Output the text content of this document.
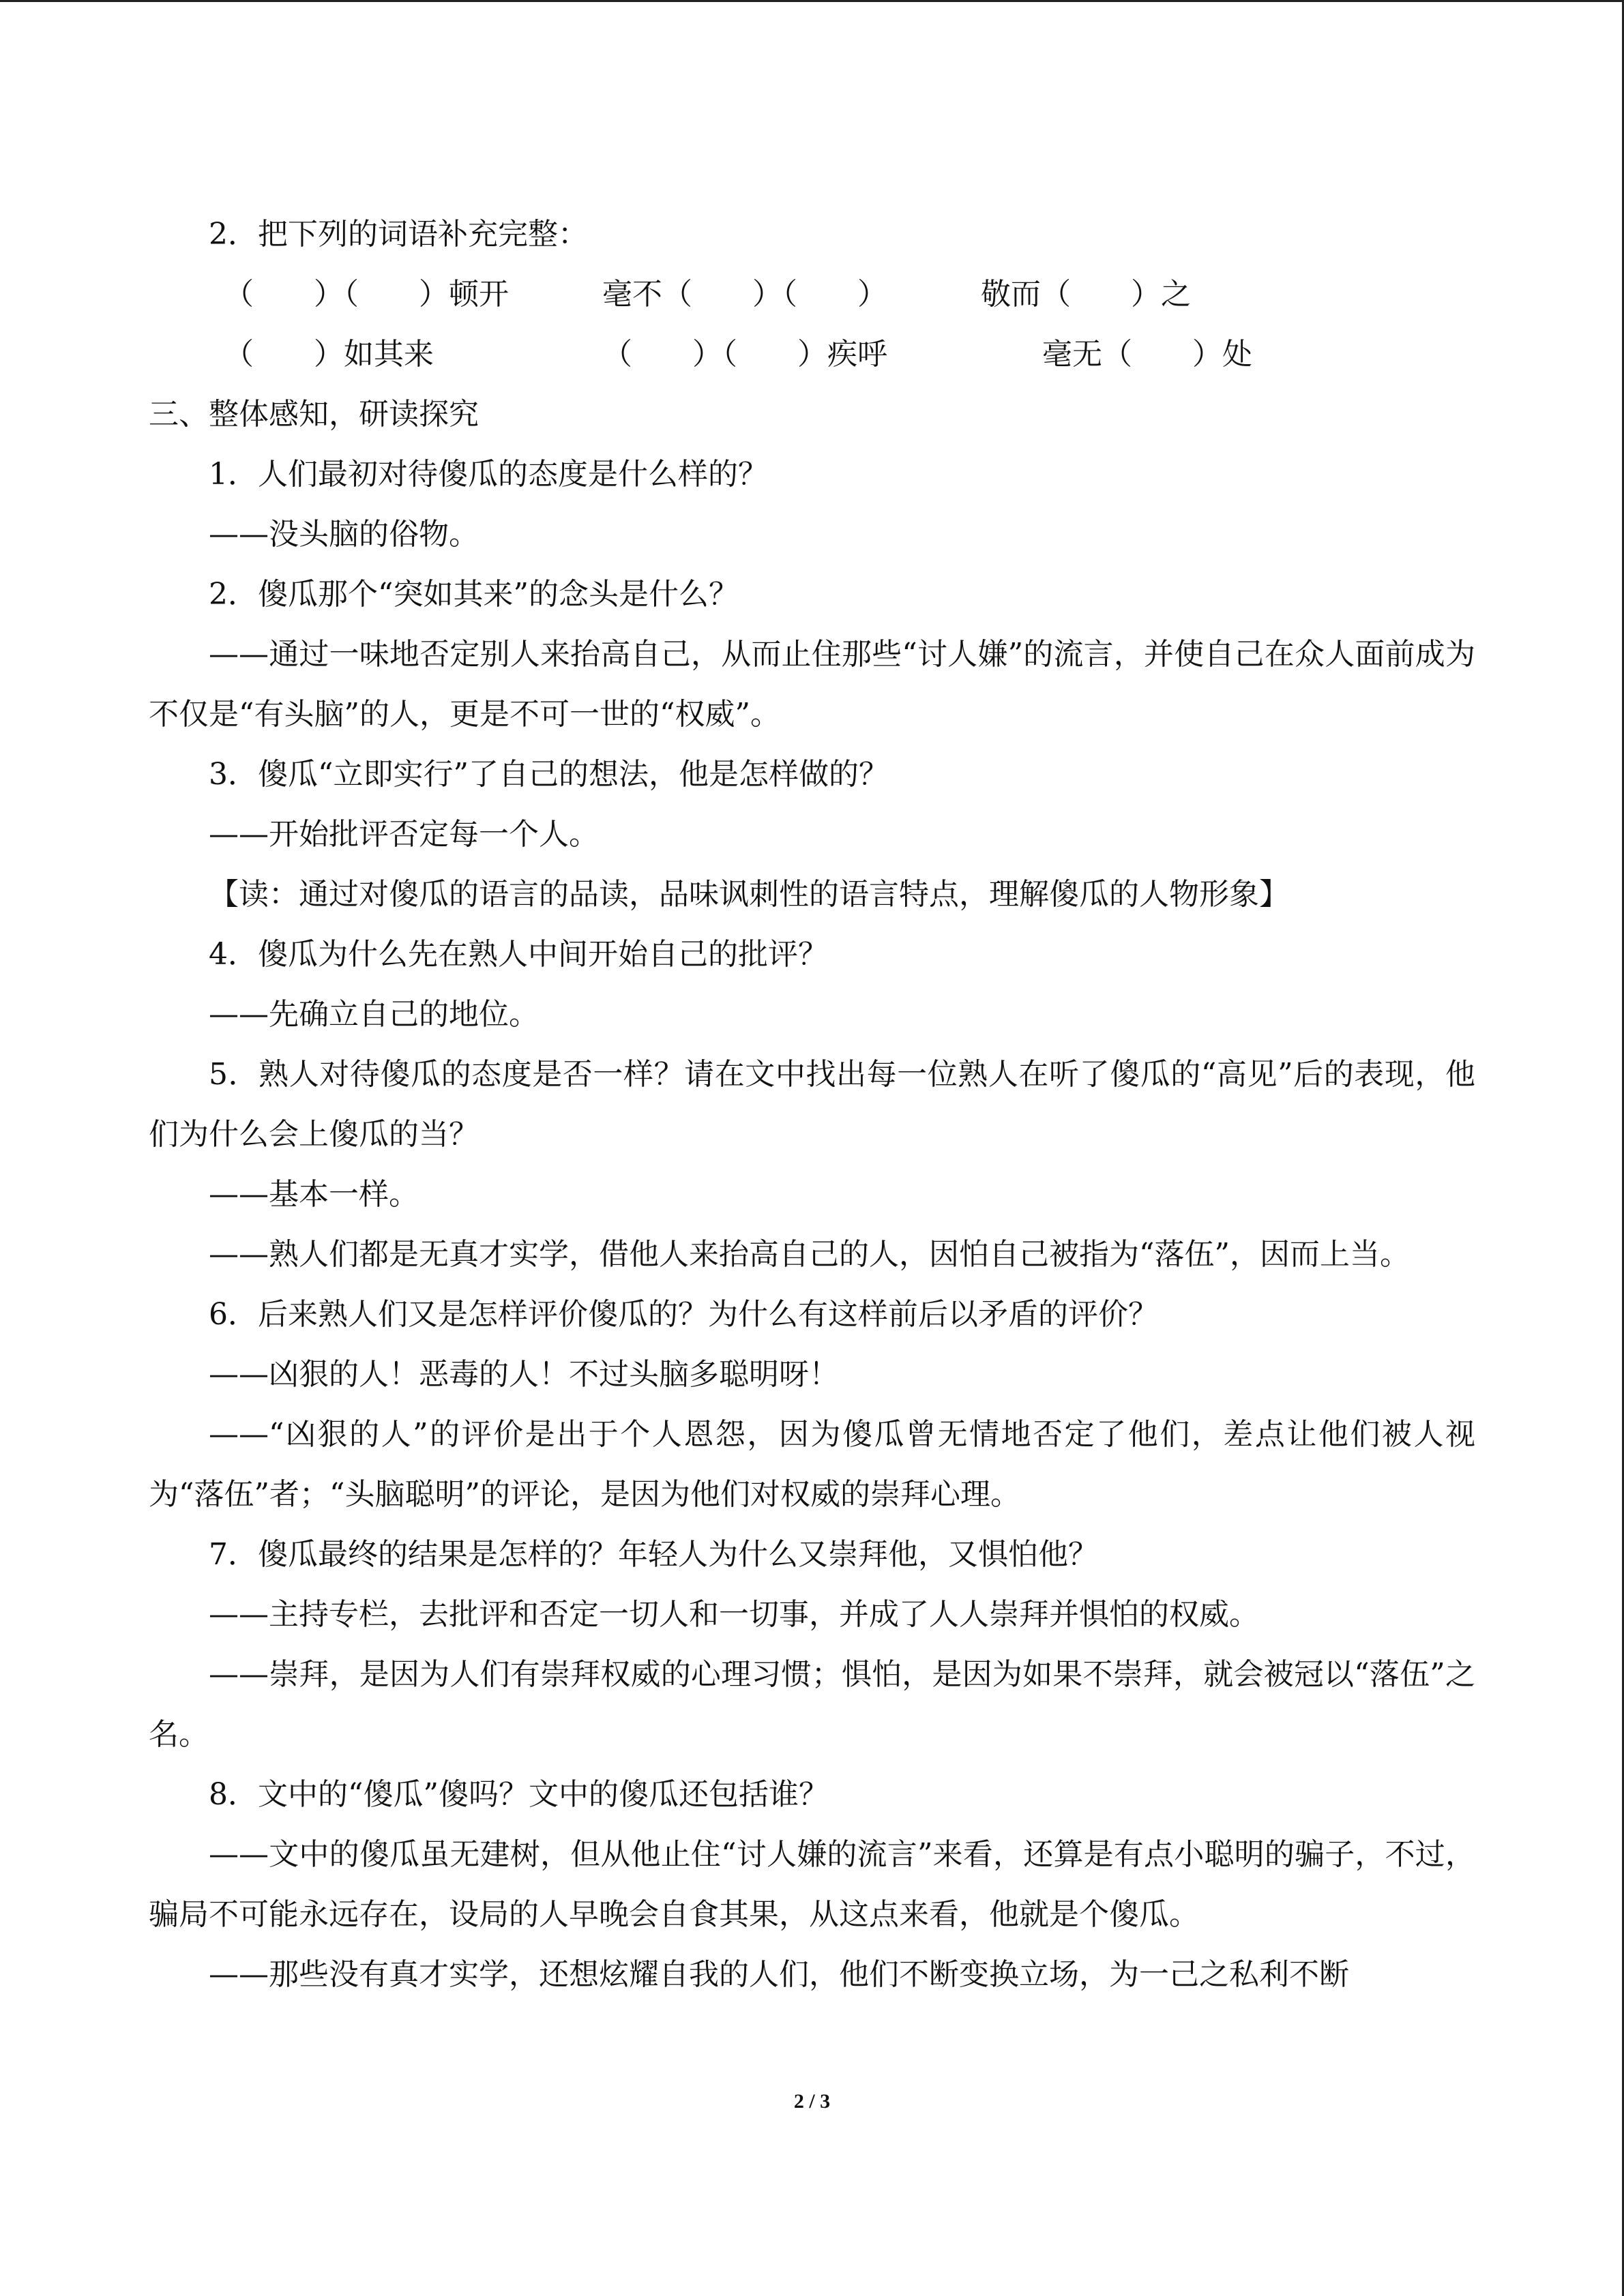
2．把下列的词语补充完整：

（　　）（　　）顿开	毫不（　　）（　　）	敬而（　　）之

（　　）如其来	（　　）（　　）疾呼	毫无（　　）处

三、整体感知，研读探究

1．人们最初对待傻瓜的态度是什么样的？

——没头脑的俗物。

2．傻瓜那个“突如其来”的念头是什么？

——通过一味地否定别人来抬高自己，从而止住那些“讨人嫌”的流言，并使自己在众人面前成为不仅是“有头脑”的人，更是不可一世的“权威”。

3．傻瓜“立即实行”了自己的想法，他是怎样做的？

——开始批评否定每一个人。

【读：通过对傻瓜的语言的品读，品味讽刺性的语言特点，理解傻瓜的人物形象】

4．傻瓜为什么先在熟人中间开始自己的批评？

——先确立自己的地位。

5．熟人对待傻瓜的态度是否一样？请在文中找出每一位熟人在听了傻瓜的“高见”后的表现，他们为什么会上傻瓜的当？

——基本一样。

——熟人们都是无真才实学，借他人来抬高自己的人，因怕自己被指为“落伍”，因而上当。

6．后来熟人们又是怎样评价傻瓜的？为什么有这样前后以矛盾的评价？

——凶狠的人！恶毒的人！不过头脑多聪明呀！

——“凶狠的人”的评价是出于个人恩怨，因为傻瓜曾无情地否定了他们，差点让他们被人视为“落伍”者；“头脑聪明”的评论，是因为他们对权威的崇拜心理。

7．傻瓜最终的结果是怎样的？年轻人为什么又崇拜他，又惧怕他？

——主持专栏，去批评和否定一切人和一切事，并成了人人崇拜并惧怕的权威。

——崇拜，是因为人们有崇拜权威的心理习惯；惧怕，是因为如果不崇拜，就会被冠以“落伍”之名。

8．文中的“傻瓜”傻吗？文中的傻瓜还包括谁？

——文中的傻瓜虽无建树，但从他止住“讨人嫌的流言”来看，还算是有点小聪明的骗子，不过，骗局不可能永远存在，设局的人早晚会自食其果，从这点来看，他就是个傻瓜。

——那些没有真才实学，还想炫耀自我的人们，他们不断变换立场，为一己之私利不断

2 / 3
